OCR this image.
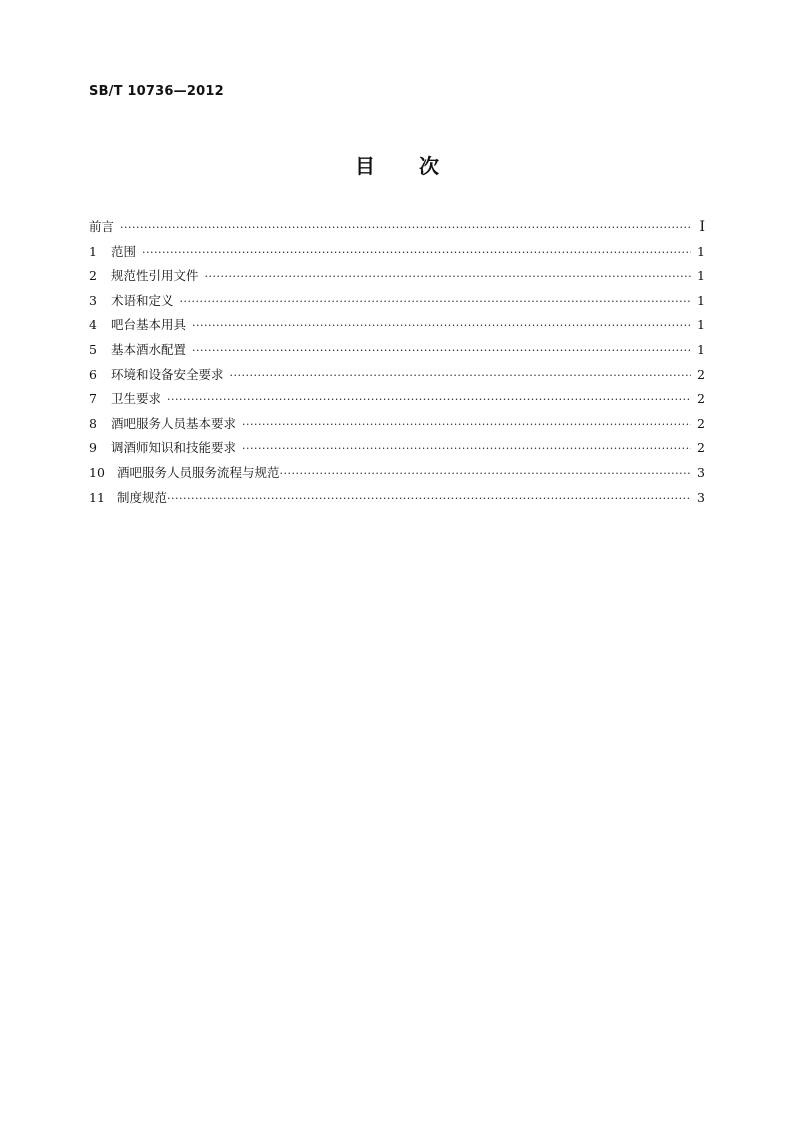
SB/T 10736—2012
目 次
前言 ·····	I
1	范围 ·····	1
2	规范性引用文件 ·····	1
3	术语和定义 ·····	1
4	吧台基本用具 ·····	1
5	基本酒水配置 ·····	1
6	环境和设备安全要求 ·····	2
7	卫生要求 ·····	2
8	酒吧服务人员基本要求 ·····	2
9	调酒师知识和技能要求 ·····	2
10 酒吧服务人员服务流程与规范 ·····	3
11 制度规范 ·····	3
